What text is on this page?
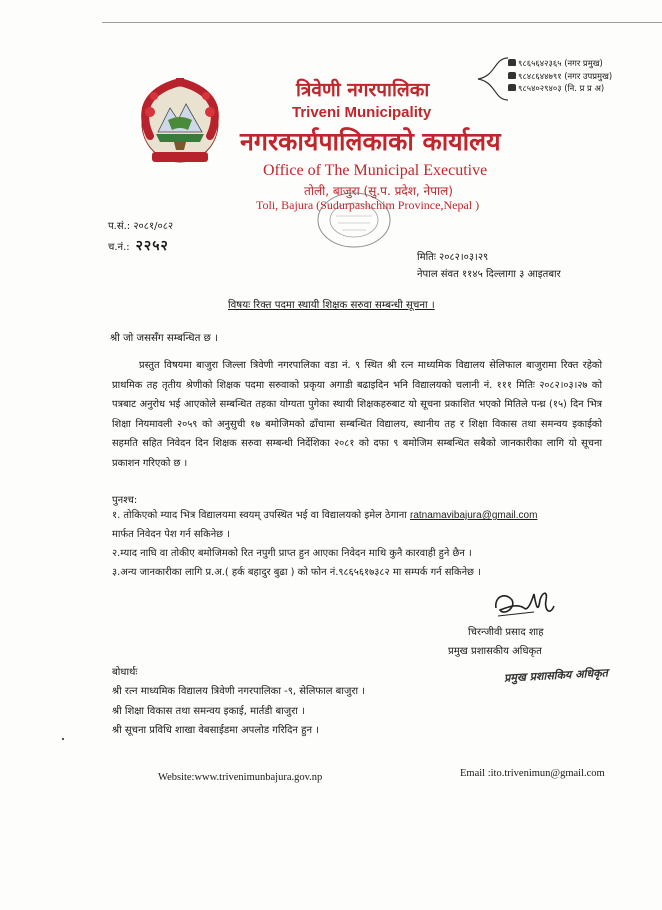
त्रिवेणी नगरपालिका
Triveni Municipality
नगरकार्यपालिकाको कार्यालय
Office of The Municipal Executive
तोली, बाजुरा (सु.प. प्रदेश, नेपाल)
Toli, Bajura (Sudurpashchim Province,Nepal )
९८६५६४२३६५ (नगर प्रमुख)
९८४८६४४७९१ (नगर उपप्रमुख)
९८५४०२९४०३ (नि. प्र प्र अ)
प.सं.: २०८१/०८२
च.नं.: २२५२
मितिः २०८२।०३।२९
नेपाल संवत ११४५ दिल्लागा ३ आइतबार
विषयः रिक्त पदमा स्थायी शिक्षक सरुवा सम्बन्धी सूचना ।
श्री जो जससँग सम्बन्धित छ ।
प्रस्तुत विषयमा बाजुरा जिल्ला त्रिवेणी नगरपालिका वडा नं. ९ स्थित श्री रत्न माध्यमिक विद्यालय सेलिफाल बाजुरामा रिक्त रहेको प्राथमिक तह तृतीय श्रेणीको शिक्षक पदमा सरुवाको प्रकृया अगाडी बढाइदिन भनि विद्यालयको चलानी नं. १११ मितिः २०८२।०३।२७ को पत्रबाट अनुरोध भई आएकोले सम्बन्धित तहका योग्यता पुगेका स्थायी शिक्षकहरुबाट यो सूचना प्रकाशित भएको मितिले पन्ध्र (१५) दिन भित्र शिक्षा नियमावली २०५९ को अनुसुची १७ बमोजिमको ढाँचामा सम्बन्धित विद्यालय, स्थानीय तह र शिक्षा विकास तथा समन्वय इकाईको सहमति सहित निवेदन दिन शिक्षक सरुवा सम्बन्धी निर्देशिका २०८१ को दफा ९ बमोजिम सम्बन्धित सबैको जानकारीका लागि यो सूचना प्रकाशन गरिएको छ ।
पुनश्च:
१. तोकिएको म्याद भित्र विद्यालयमा स्वयम् उपस्थित भई वा विद्यालयको इमेल ठेगाना ratnamavibajura@gmail.com
मार्फत निवेदन पेश गर्न सकिनेछ ।
२.म्याद नाघि वा तोकीए बमोजिमको रित नपुगी प्राप्त हुन आएका निवेदन माथि कुनै कारवाही हुने छैन ।
३.अन्य जानकारीका लागि प्र.अ.( हर्क बहादुर बुढा ) को फोन नं.९८६५६१७३८२ मा सम्पर्क गर्न सकिनेछ ।
चिरन्जीवी प्रसाद शाह
प्रमुख प्रशासकीय अधिकृत
प्रमुख प्रशासकिय अधिकृत
बोधार्थः
श्री रत्न माध्यमिक विद्यालय त्रिवेणी नगरपालिका -९, सेलिफाल बाजुरा ।
श्री शिक्षा विकास तथा समन्वय इकाई, मार्तडी बाजुरा ।
श्री सूचना प्रविधि शाखा वेबसाईडमा अपलोड गरिदिन हुन ।
Website:www.trivenimunbajura.gov.np	Email :ito.trivenimun@gmail.com
